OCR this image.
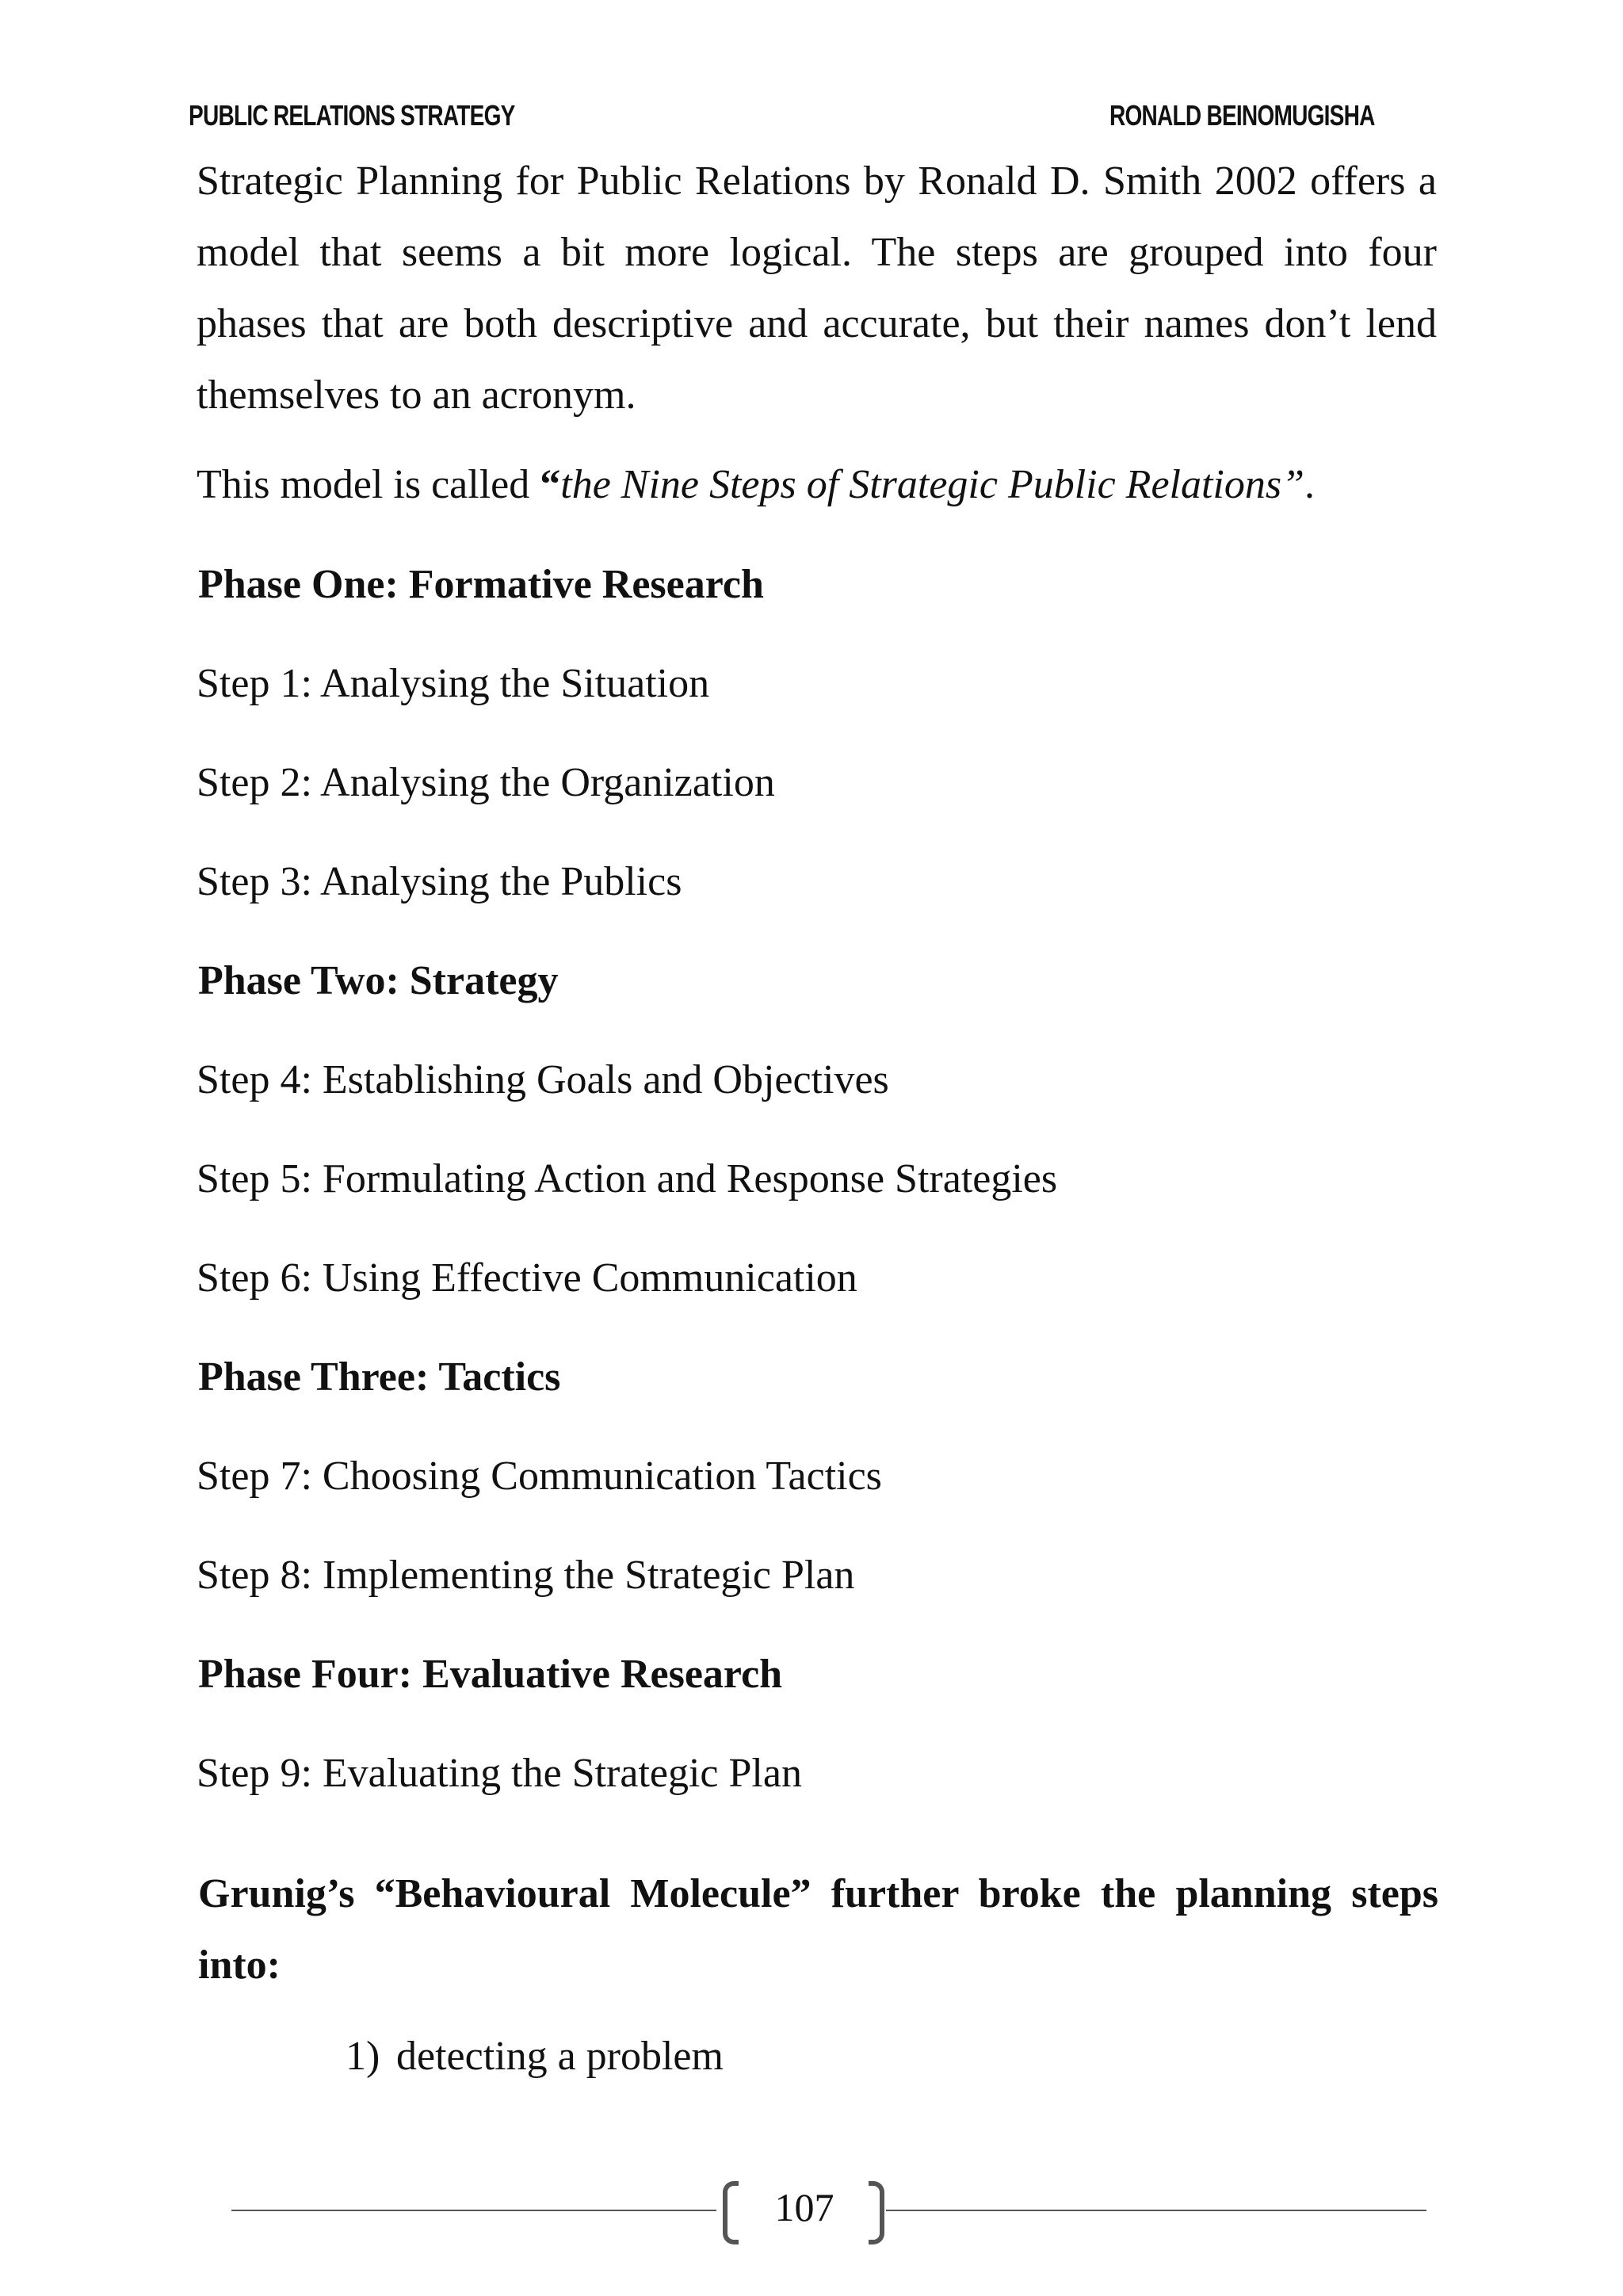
PUBLIC RELATIONS STRATEGY	RONALD BEINOMUGISHA
Strategic Planning for Public Relations by Ronald D. Smith 2002 offers a model that seems a bit more logical. The steps are grouped into four phases that are both descriptive and accurate, but their names don’t lend themselves to an acronym.
This model is called “the Nine Steps of Strategic Public Relations”.
Phase One: Formative Research
Step 1: Analysing the Situation
Step 2: Analysing the Organization
Step 3: Analysing the Publics
Phase Two: Strategy
Step 4: Establishing Goals and Objectives
Step 5: Formulating Action and Response Strategies
Step 6: Using Effective Communication
Phase Three: Tactics
Step 7: Choosing Communication Tactics
Step 8: Implementing the Strategic Plan
Phase Four: Evaluative Research
Step 9: Evaluating the Strategic Plan
Grunig’s “Behavioural Molecule” further broke the planning steps into:
1) detecting a problem
107
